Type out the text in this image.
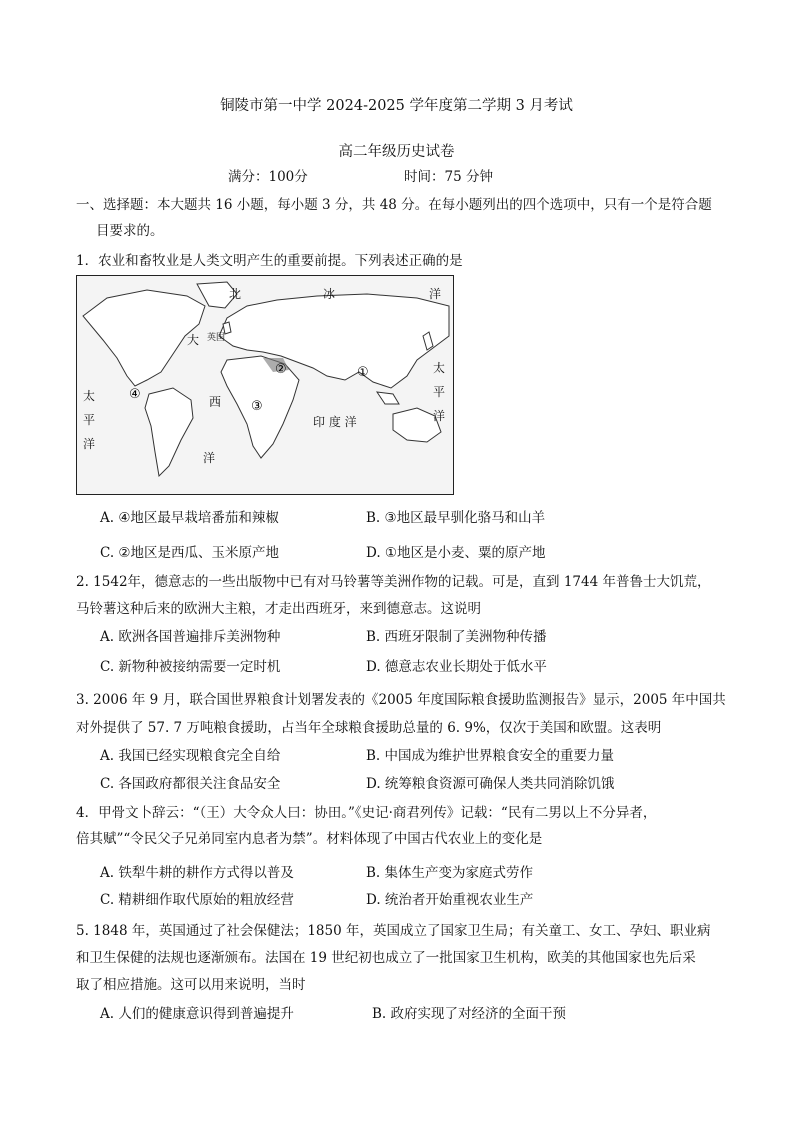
铜陵市第一中学 2024-2025 学年度第二学期 3 月考试
高二年级历史试卷
满分：100分	时间：75 分钟
一、选择题：本大题共 16 小题，每小题 3 分，共 48 分。在每小题列出的四个选项中，只有一个是符合题
目要求的。
1．农业和畜牧业是人类文明产生的重要前提。下列表述正确的是
北	冰	洋
大
西
太
平
洋
太
平
洋
印 度 洋
洋
英国
①
②
③
④
A. ④地区最早栽培番茄和辣椒	B. ③地区最早驯化骆马和山羊
C. ②地区是西瓜、玉米原产地	D. ①地区是小麦、粟的原产地
2. 1542年，德意志的一些出版物中已有对马铃薯等美洲作物的记载。可是，直到 1744 年普鲁士大饥荒，
马铃薯这种后来的欧洲大主粮，才走出西班牙，来到德意志。这说明
A. 欧洲各国普遍排斥美洲物种	B. 西班牙限制了美洲物种传播
C. 新物种被接纳需要一定时机	D. 德意志农业长期处于低水平
3. 2006 年 9 月，联合国世界粮食计划署发表的《2005 年度国际粮食援助监测报告》显示，2005 年中国共
对外提供了 57. 7 万吨粮食援助，占当年全球粮食援助总量的 6. 9%，仅次于美国和欧盟。这表明
A. 我国已经实现粮食完全自给	B. 中国成为维护世界粮食安全的重要力量
C. 各国政府都很关注食品安全	D. 统筹粮食资源可确保人类共同消除饥饿
4．甲骨文卜辞云：“（王）大令众人曰：协田。”《史记·商君列传》记载：“民有二男以上不分异者，
倍其赋”“令民父子兄弟同室内息者为禁”。材料体现了中国古代农业上的变化是
A. 铁犁牛耕的耕作方式得以普及	B. 集体生产变为家庭式劳作
C. 精耕细作取代原始的粗放经营	D. 统治者开始重视农业生产
5. 1848 年，英国通过了社会保健法；1850 年，英国成立了国家卫生局；有关童工、女工、孕妇、职业病
和卫生保健的法规也逐渐颁布。法国在 19 世纪初也成立了一批国家卫生机构，欧美的其他国家也先后采
取了相应措施。这可以用来说明，当时
A. 人们的健康意识得到普遍提升	B. 政府实现了对经济的全面干预
